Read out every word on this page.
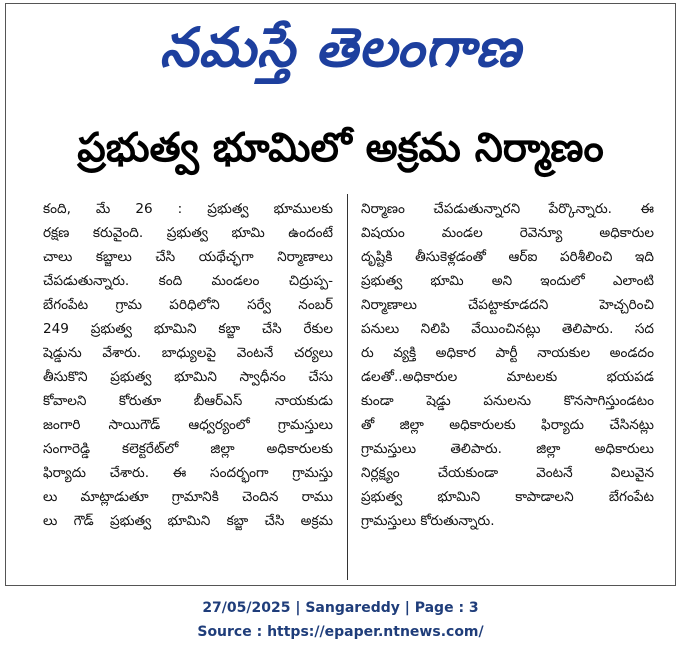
నమస్తే తెలంగాణ
ప్రభుత్వ భూమిలో అక్రమ నిర్మాణం
కంది, మే 26 : ప్రభుత్వ భూములకు
రక్షణ కరువైంది. ప్రభుత్వ భూమి ఉందంటే
చాలు కబ్జాలు చేసి యథేచ్ఛగా నిర్మాణాలు
చేపడుతున్నారు. కంది మండలం చిద్రుప్ప-
బేగంపేట గ్రామ పరిధిలోని సర్వే నంబర్
249 ప్రభుత్వ భూమిని కబ్జా చేసి రేకుల
షెడ్డును వేశారు. బాధ్యులపై వెంటనే చర్యలు
తీసుకొని ప్రభుత్వ భూమిని స్వాధీనం చేసు
కోవాలని కోరుతూ బీఆర్ఎస్ నాయకుడు
జంగారి సాయిగౌడ్ ఆధ్వర్యంలో గ్రామస్తులు
సంగారెడ్డి కలెక్టరేట్‌లో జిల్లా అధికారులకు
ఫిర్యాదు చేశారు. ఈ సందర్భంగా గ్రామస్తు
లు మాట్లాడుతూ గ్రామానికి చెందిన రాము
లు గౌడ్ ప్రభుత్వ భూమిని కబ్జా చేసి అక్రమ
నిర్మాణం చేపడుతున్నారని పేర్కొన్నారు. ఈ
విషయం మండల రెవెన్యూ అధికారుల
దృష్టికి తీసుకెళ్లడంతో ఆర్ఐ పరిశీలించి ఇది
ప్రభుత్వ భూమి అని ఇందులో ఎలాంటి
నిర్మాణాలు చేపట్టాకూడదని హెచ్చరించి
పనులు నిలిపి వేయించినట్లు తెలిపారు. సద
రు వ్యక్తి అధికార పార్టీ నాయకుల అండదం
డలతో..అధికారుల మాటలకు భయపడ
కుండా షెడ్డు పనులను కొనసాగిస్తుండటం
తో జిల్లా అధికారులకు ఫిర్యాదు చేసినట్లు
గ్రామస్తులు తెలిపారు. జిల్లా అధికారులు
నిర్లక్ష్యం చేయకుండా వెంటనే విలువైన
ప్రభుత్వ భూమిని కాపాడాలని బేగంపేట
గ్రామస్తులు కోరుతున్నారు.
27/05/2025 | Sangareddy | Page : 3
Source : https://epaper.ntnews.com/
